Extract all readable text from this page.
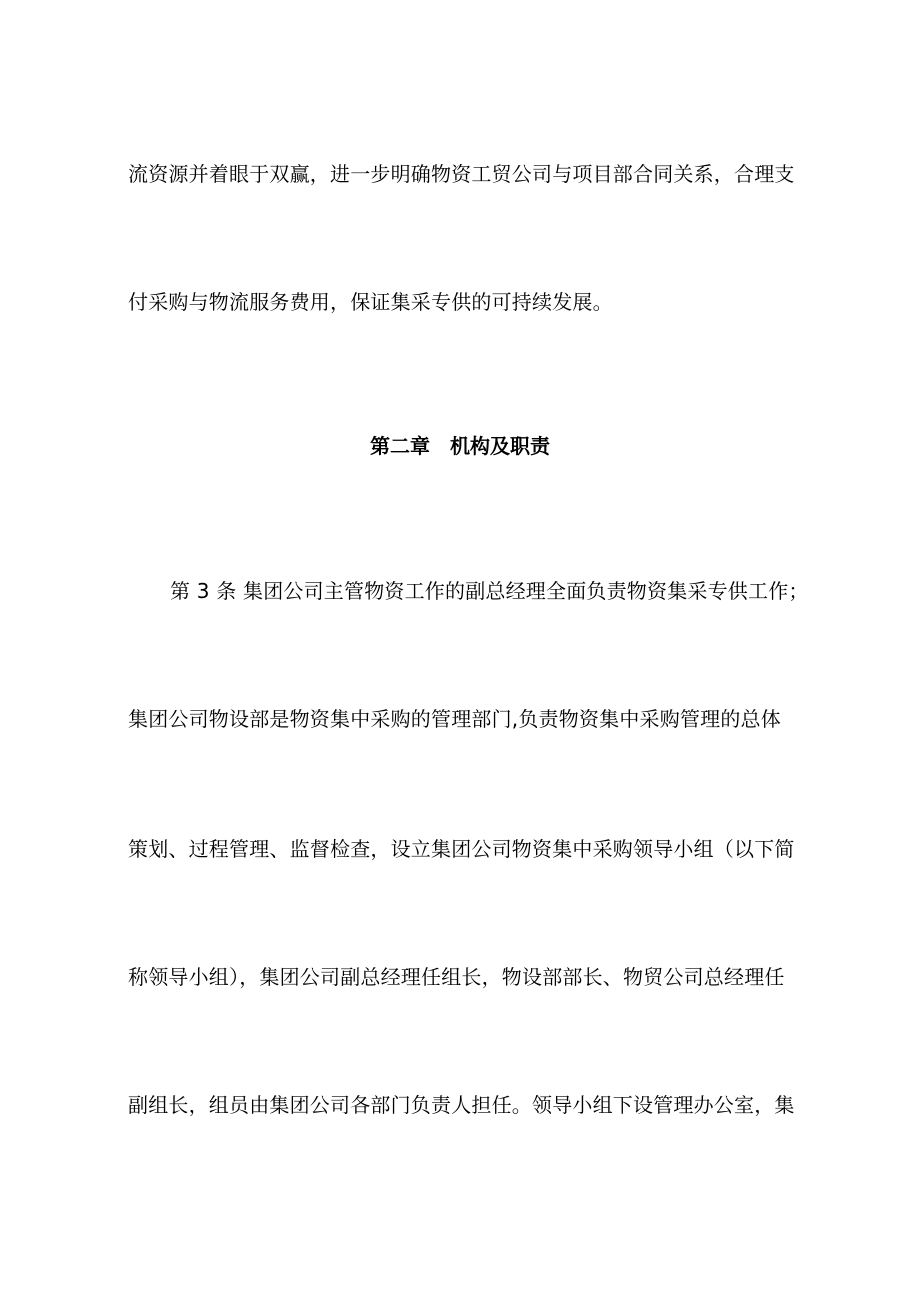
流资源并着眼于双赢，进一步明确物资工贸公司与项目部合同关系，合理支
付采购与物流服务费用，保证集采专供的可持续发展。
第二章　机构及职责
第 3 条 集团公司主管物资工作的副总经理全面负责物资集采专供工作；
集团公司物设部是物资集中采购的管理部门,负责物资集中采购管理的总体
策划、过程管理、监督检查，设立集团公司物资集中采购领导小组（以下简
称领导小组），集团公司副总经理任组长，物设部部长、物贸公司总经理任
副组长，组员由集团公司各部门负责人担任。领导小组下设管理办公室，集
